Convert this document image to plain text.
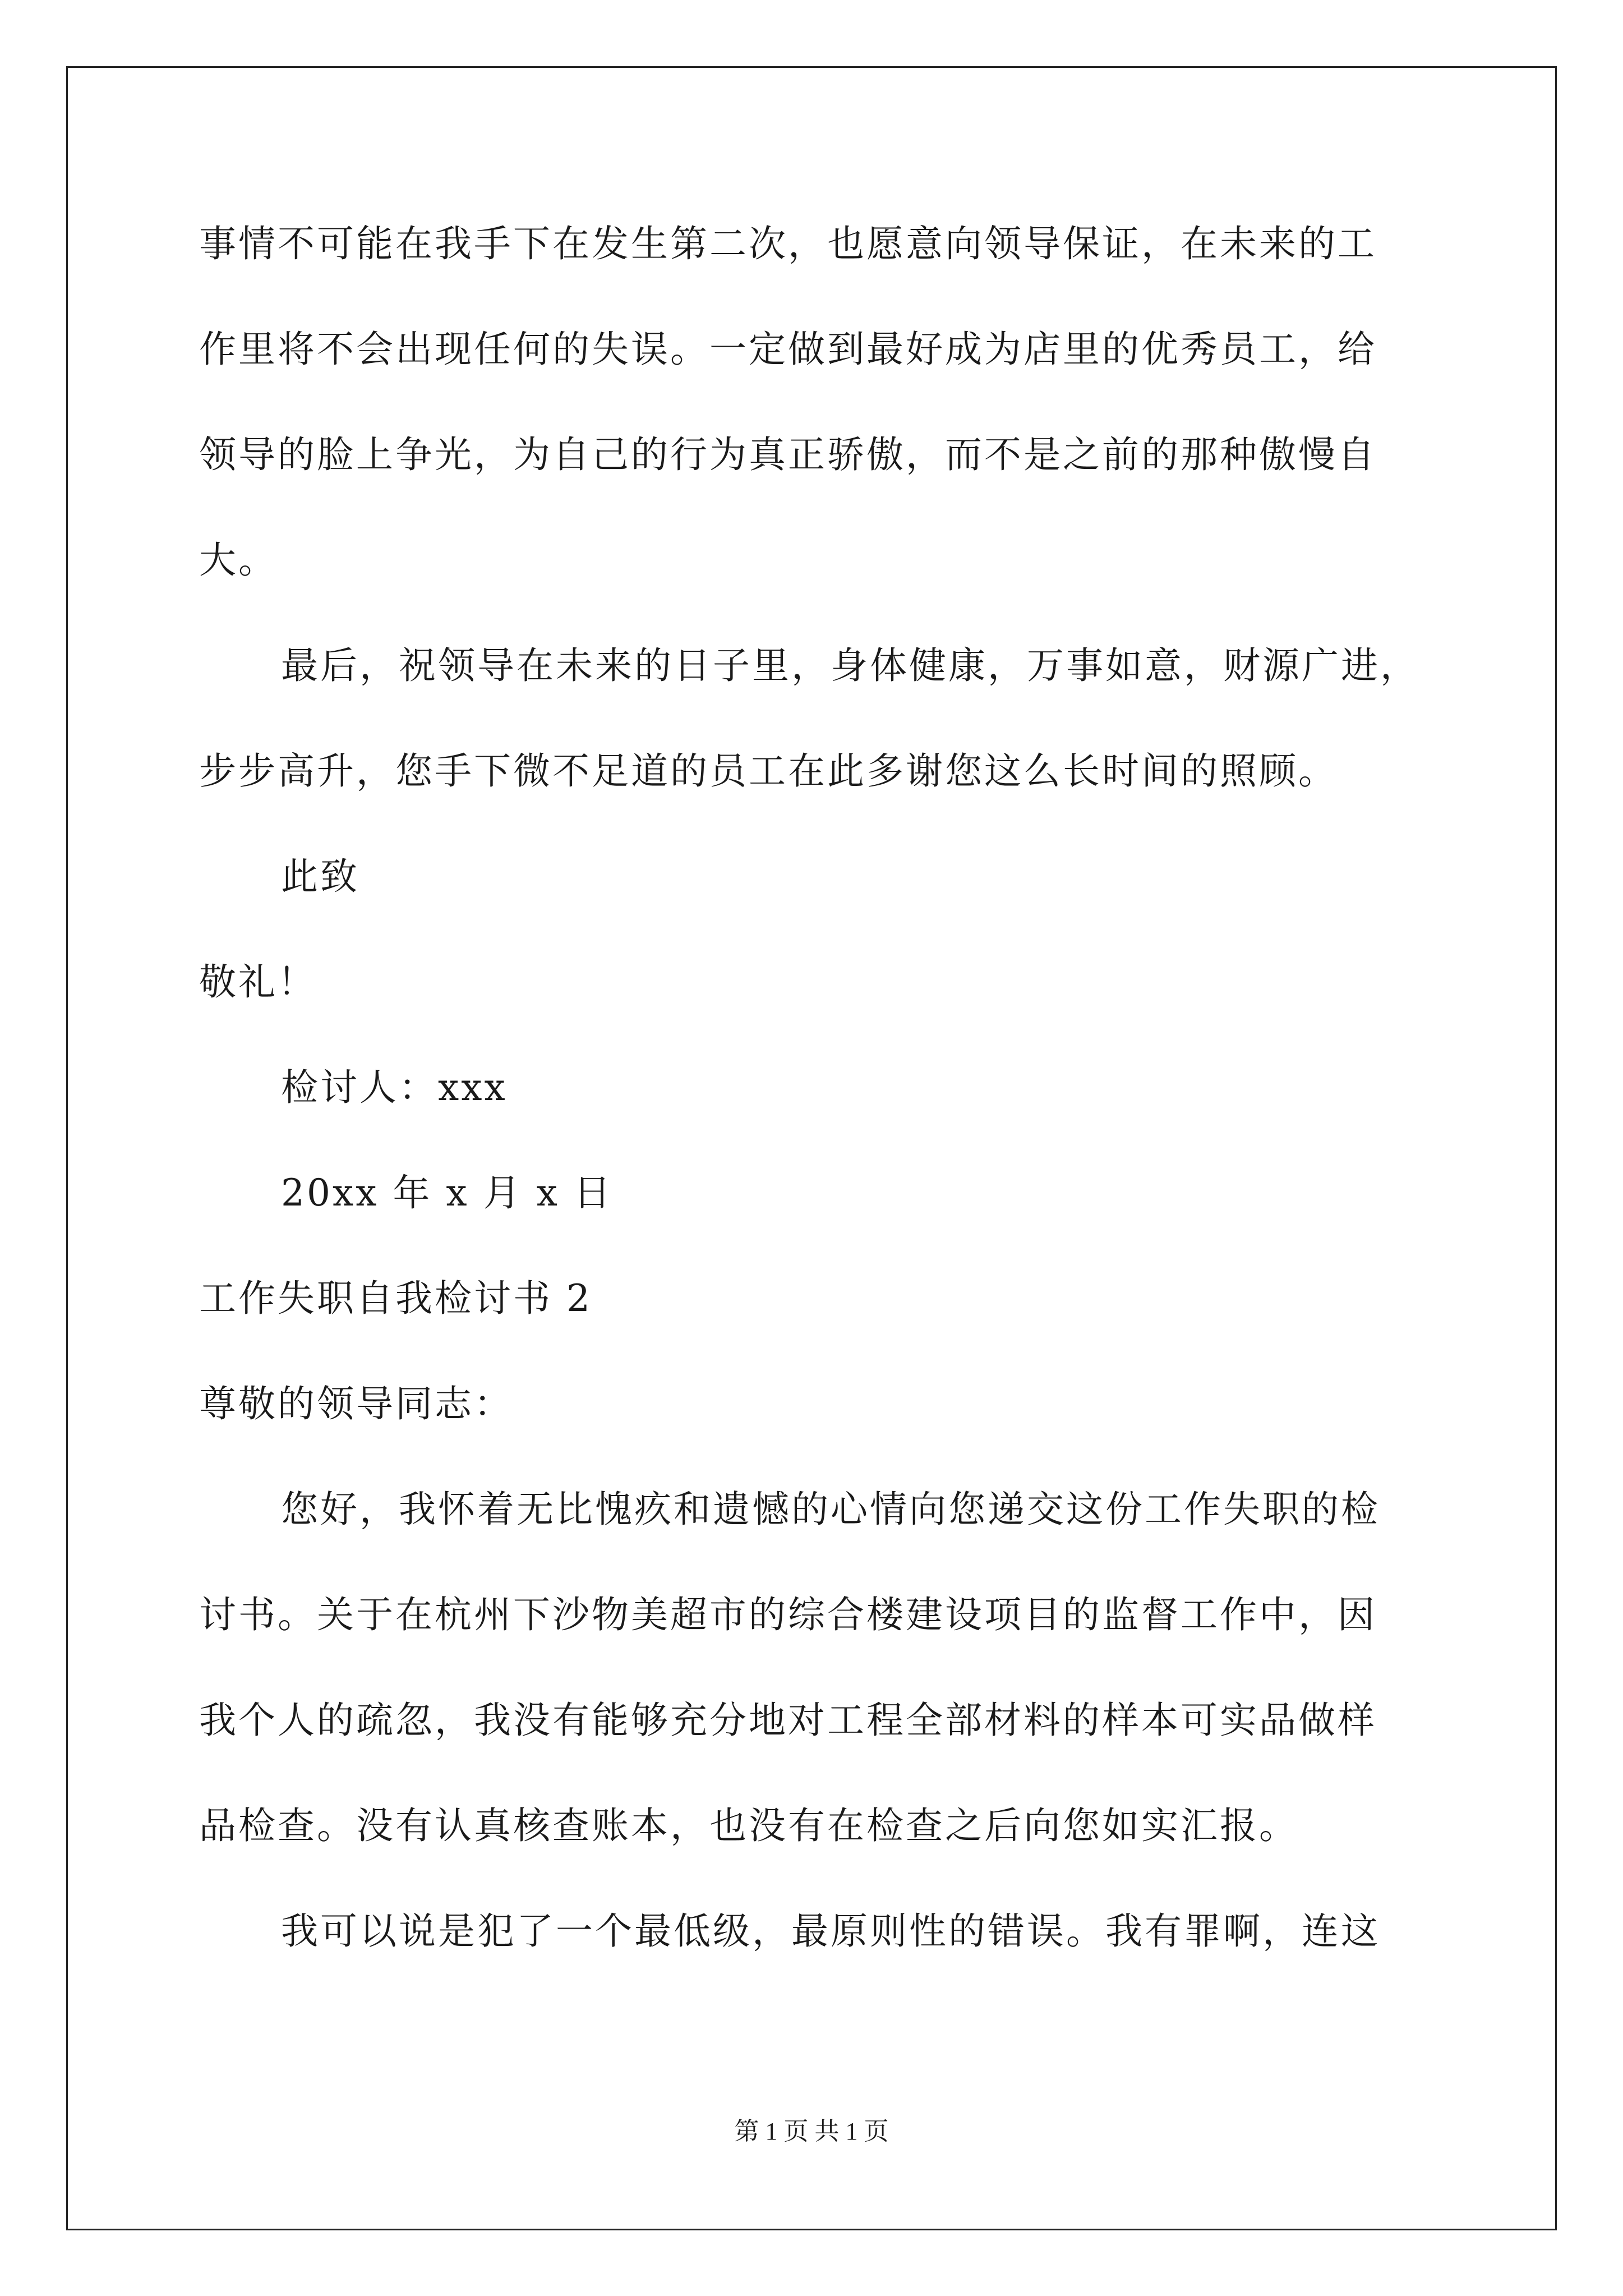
事情不可能在我手下在发生第二次，也愿意向领导保证，在未来的工
作里将不会出现任何的失误。一定做到最好成为店里的优秀员工，给
领导的脸上争光，为自己的行为真正骄傲，而不是之前的那种傲慢自
大。
最后，祝领导在未来的日子里，身体健康，万事如意，财源广进，
步步高升，您手下微不足道的员工在此多谢您这么长时间的照顾。
此致
敬礼！
检讨人：xxx
20xx 年 x 月 x 日
工作失职自我检讨书 2
尊敬的领导同志：
您好，我怀着无比愧疚和遗憾的心情向您递交这份工作失职的检
讨书。关于在杭州下沙物美超市的综合楼建设项目的监督工作中，因
我个人的疏忽，我没有能够充分地对工程全部材料的样本可实品做样
品检查。没有认真核查账本，也没有在检查之后向您如实汇报。
我可以说是犯了一个最低级，最原则性的错误。我有罪啊，连这
第 1 页 共 1 页
